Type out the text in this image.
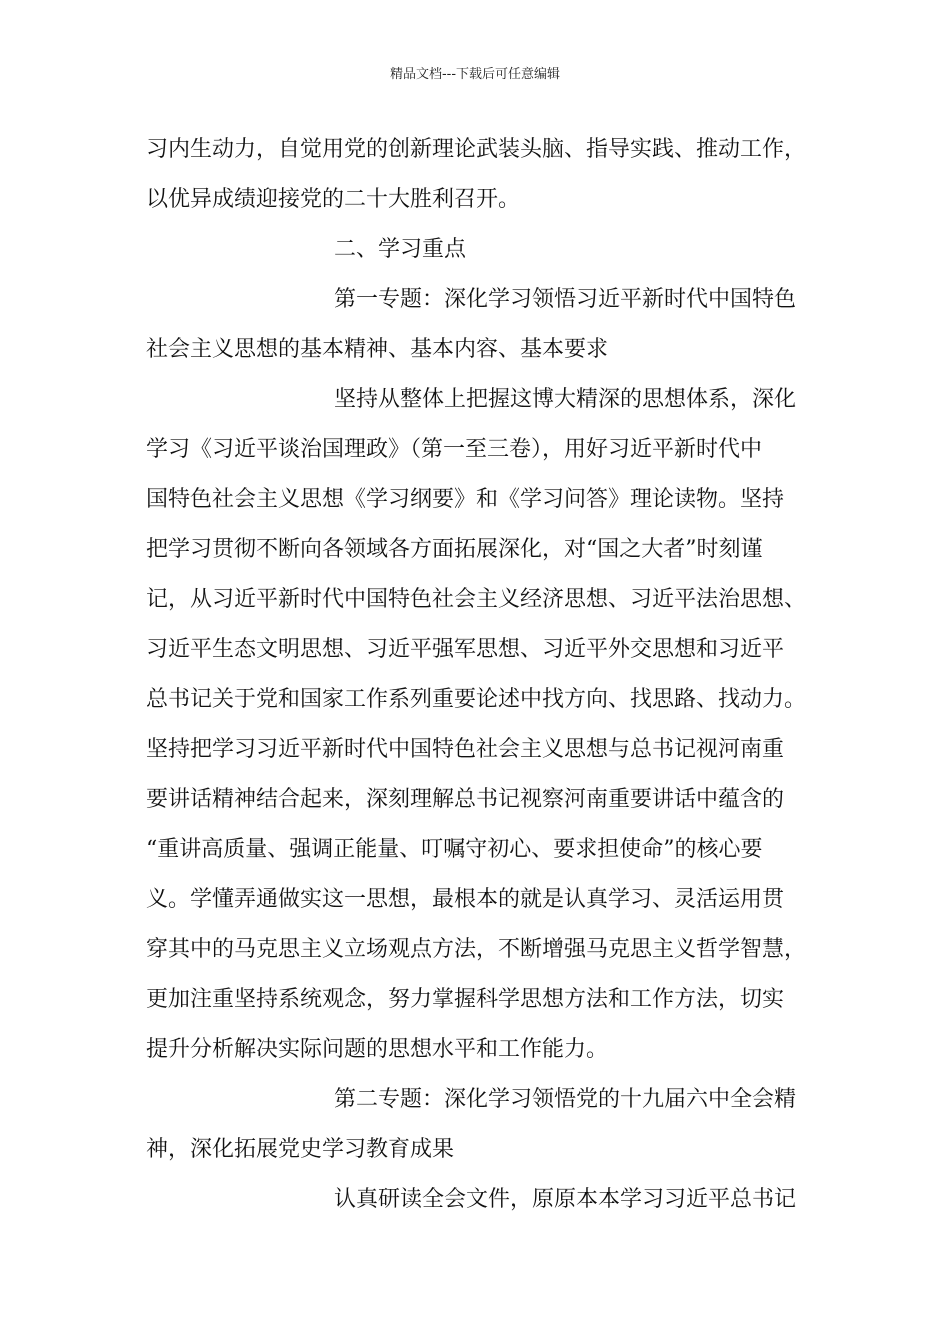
精品文档---下载后可任意编辑
习内生动力，自觉用党的创新理论武装头脑、指导实践、推动工作，
以优异成绩迎接党的二十大胜利召开。
二、学习重点
第一专题：深化学习领悟习近平新时代中国特色
社会主义思想的基本精神、基本内容、基本要求
坚持从整体上把握这博大精深的思想体系，深化
学习《习近平谈治国理政》（第一至三卷），用好习近平新时代中
国特色社会主义思想《学习纲要》和《学习问答》理论读物。坚持
把学习贯彻不断向各领域各方面拓展深化，对“国之大者”时刻谨
记，从习近平新时代中国特色社会主义经济思想、习近平法治思想、
习近平生态文明思想、习近平强军思想、习近平外交思想和习近平
总书记关于党和国家工作系列重要论述中找方向、找思路、找动力。
坚持把学习习近平新时代中国特色社会主义思想与总书记视河南重
要讲话精神结合起来，深刻理解总书记视察河南重要讲话中蕴含的
“重讲高质量、强调正能量、叮嘱守初心、要求担使命”的核心要
义。学懂弄通做实这一思想，最根本的就是认真学习、灵活运用贯
穿其中的马克思主义立场观点方法，不断增强马克思主义哲学智慧，
更加注重坚持系统观念，努力掌握科学思想方法和工作方法，切实
提升分析解决实际问题的思想水平和工作能力。
第二专题：深化学习领悟党的十九届六中全会精
神，深化拓展党史学习教育成果
认真研读全会文件，原原本本学习习近平总书记
